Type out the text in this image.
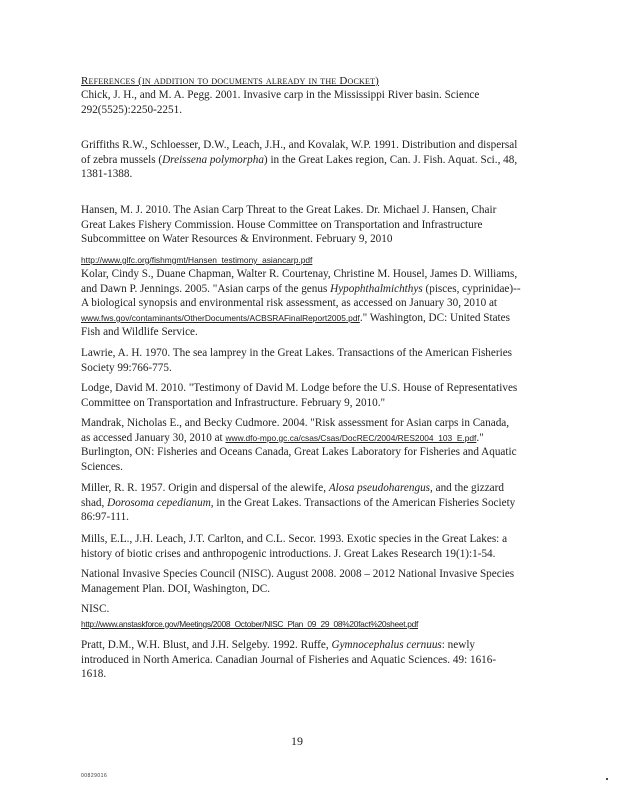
References (in addition to documents already in the Docket)
Chick, J. H., and M. A. Pegg. 2001. Invasive carp in the Mississippi River basin. Science 292(5525):2250-2251.
Griffiths R.W., Schloesser, D.W., Leach, J.H., and Kovalak, W.P. 1991. Distribution and dispersal of zebra mussels (Dreissena polymorpha) in the Great Lakes region, Can. J. Fish. Aquat. Sci., 48, 1381-1388.
Hansen, M. J. 2010. The Asian Carp Threat to the Great Lakes. Dr. Michael J. Hansen, Chair Great Lakes Fishery Commission. House Committee on Transportation and Infrastructure Subcommittee on Water Resources & Environment. February 9, 2010
http://www.glfc.org/fishmgmt/Hansen_testimony_asiancarp.pdf
Kolar, Cindy S., Duane Chapman, Walter R. Courtenay, Christine M. Housel, James D. Williams, and Dawn P. Jennings. 2005. "Asian carps of the genus Hypophthalmichthys (pisces, cyprinidae)--A biological synopsis and environmental risk assessment, as accessed on January 30, 2010 at www.fws.gov/contaminants/OtherDocuments/ACBSRAFinalReport2005.pdf." Washington, DC: United States Fish and Wildlife Service.
Lawrie, A. H. 1970. The sea lamprey in the Great Lakes. Transactions of the American Fisheries Society 99:766-775.
Lodge, David M. 2010. "Testimony of David M. Lodge before the U.S. House of Representatives Committee on Transportation and Infrastructure. February 9, 2010."
Mandrak, Nicholas E., and Becky Cudmore. 2004. "Risk assessment for Asian carps in Canada, as accessed January 30, 2010 at www.dfo-mpo.gc.ca/csas/Csas/DocREC/2004/RES2004_103_E.pdf." Burlington, ON: Fisheries and Oceans Canada, Great Lakes Laboratory for Fisheries and Aquatic Sciences.
Miller, R. R. 1957. Origin and dispersal of the alewife, Alosa pseudoharengus, and the gizzard shad, Dorosoma cepedianum, in the Great Lakes. Transactions of the American Fisheries Society 86:97-111.
Mills, E.L., J.H. Leach, J.T. Carlton, and C.L. Secor. 1993. Exotic species in the Great Lakes: a history of biotic crises and anthropogenic introductions. J. Great Lakes Research 19(1):1-54.
National Invasive Species Council (NISC). August 2008. 2008 – 2012 National Invasive Species Management Plan. DOI, Washington, DC.
NISC.
http://www.anstaskforce.gov/Meetings/2008_October/NISC_Plan_09_29_08%20fact%20sheet.pdf
Pratt, D.M., W.H. Blust, and J.H. Selgeby. 1992. Ruffe, Gymnocephalus cernuus: newly introduced in North America. Canadian Journal of Fisheries and Aquatic Sciences. 49: 1616-1618.
19
00829016
